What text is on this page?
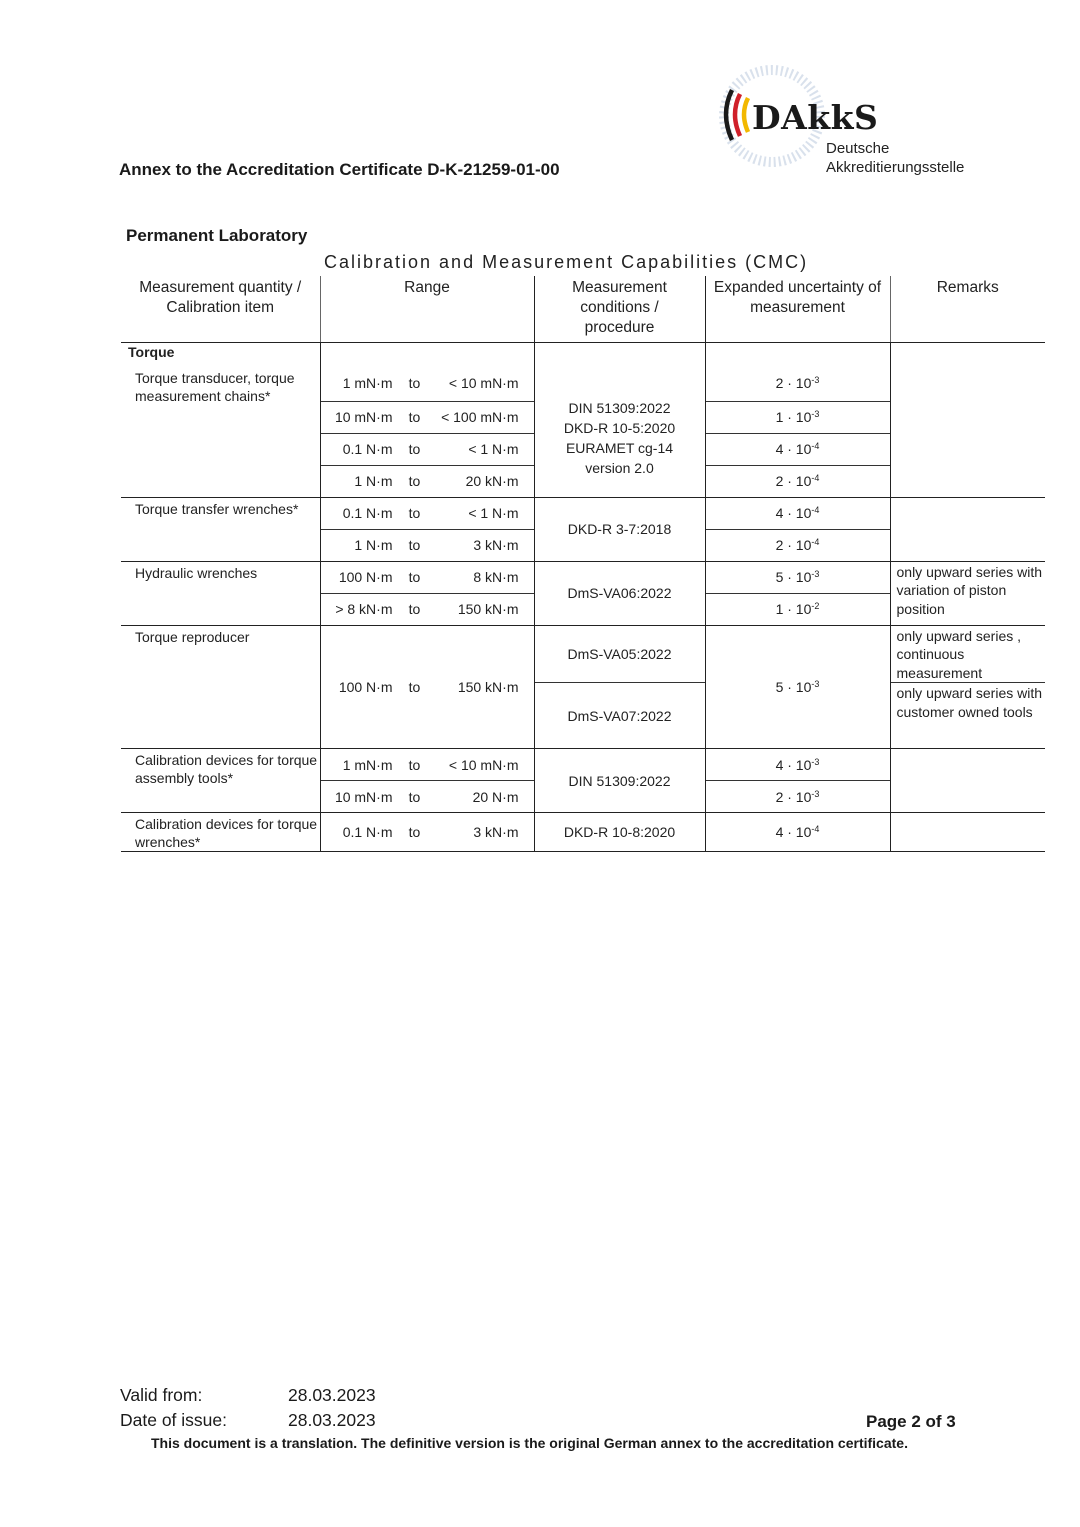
Annex to the Accreditation Certificate D-K-21259-01-00
DAkkS
Deutsche
Akkreditierungsstelle
Permanent Laboratory
Calibration and Measurement Capabilities (CMC)
Measurement quantity / Calibration item	Range	Measurement conditions / procedure	Expanded uncertainty of measurement	Remarks
Torque				
Torque transducer, torque measurement chains*	1 mN·m to < 10 mN·m	DIN 51309:2022
DKD-R 10-5:2020
EURAMET cg-14
version 2.0	$2 \cdot 10^{-3}$	
	10 mN·m to < 100 mN·m		$1 \cdot 10^{-3}$
	0.1 N·m to < 1 N·m		$4 \cdot 10^{-4}$
	1 N·m to 20 kN·m		$2 \cdot 10^{-4}$
Torque transfer wrenches*	0.1 N·m to < 1 N·m	DKD-R 3-7:2018	$4 \cdot 10^{-4}$	
	1 N·m to 3 kN·m		$2 \cdot 10^{-4}$
Hydraulic wrenches	100 N·m to 8 kN·m	DmS-VA06:2022	$5 \cdot 10^{-3}$	only upward series with variation of piston position
	> 8 kN·m to 150 kN·m		$1 \cdot 10^{-2}$
Torque reproducer	100 N·m to 150 kN·m	DmS-VA05:2022	$5 \cdot 10^{-3}$	only upward series , continuous measurement
		DmS-VA07:2022		only upward series with customer owned tools
Calibration devices for torque assembly tools*	1 mN·m to < 10 mN·m	DIN 51309:2022	$4 \cdot 10^{-3}$	
	10 mN·m to 20 N·m		$2 \cdot 10^{-3}$
Calibration devices for torque wrenches*	0.1 N·m to 3 kN·m	DKD-R 10-8:2020	$4 \cdot 10^{-4}$	
Valid from:	28.03.2023
Date of issue:	28.03.2023	Page 2 of 3
This document is a translation. The definitive version is the original German annex to the accreditation certificate.
